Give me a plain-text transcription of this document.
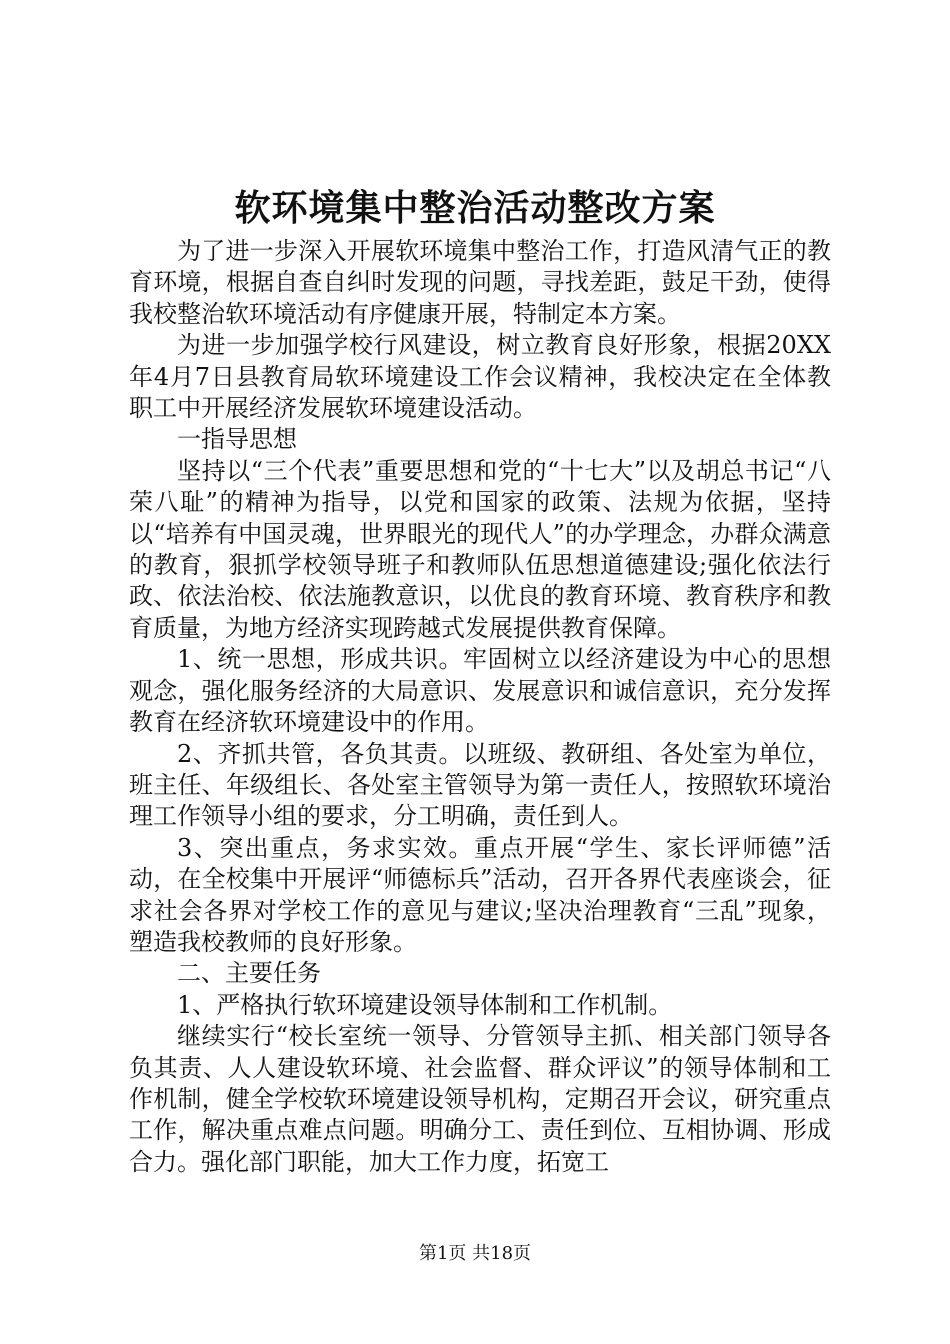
软环境集中整治活动整改方案

为了进一步深入开展软环境集中整治工作，打造风清气正的教育环境，根据自查自纠时发现的问题，寻找差距，鼓足干劲，使得我校整治软环境活动有序健康开展，特制定本方案。

为进一步加强学校行风建设，树立教育良好形象，根据20XX年4月7日县教育局软环境建设工作会议精神，我校决定在全体教职工中开展经济发展软环境建设活动。

一指导思想

坚持以“三个代表”重要思想和党的“十七大”以及胡总书记“八荣八耻”的精神为指导，以党和国家的政策、法规为依据，坚持以“培养有中国灵魂，世界眼光的现代人”的办学理念，办群众满意的教育，狠抓学校领导班子和教师队伍思想道德建设;强化依法行政、依法治校、依法施教意识，以优良的教育环境、教育秩序和教育质量，为地方经济实现跨越式发展提供教育保障。

1、统一思想，形成共识。牢固树立以经济建设为中心的思想观念，强化服务经济的大局意识、发展意识和诚信意识，充分发挥教育在经济软环境建设中的作用。

2、齐抓共管，各负其责。以班级、教研组、各处室为单位，班主任、年级组长、各处室主管领导为第一责任人，按照软环境治理工作领导小组的要求，分工明确，责任到人。

3、突出重点，务求实效。重点开展“学生、家长评师德”活动，在全校集中开展评“师德标兵”活动，召开各界代表座谈会，征求社会各界对学校工作的意见与建议;坚决治理教育“三乱”现象，塑造我校教师的良好形象。

二、主要任务

1、严格执行软环境建设领导体制和工作机制。

继续实行“校长室统一领导、分管领导主抓、相关部门领导各负其责、人人建设软环境、社会监督、群众评议”的领导体制和工作机制，健全学校软环境建设领导机构，定期召开会议，研究重点工作，解决重点难点问题。明确分工、责任到位、互相协调、形成合力。强化部门职能，加大工作力度，拓宽工

第1页 共18页
